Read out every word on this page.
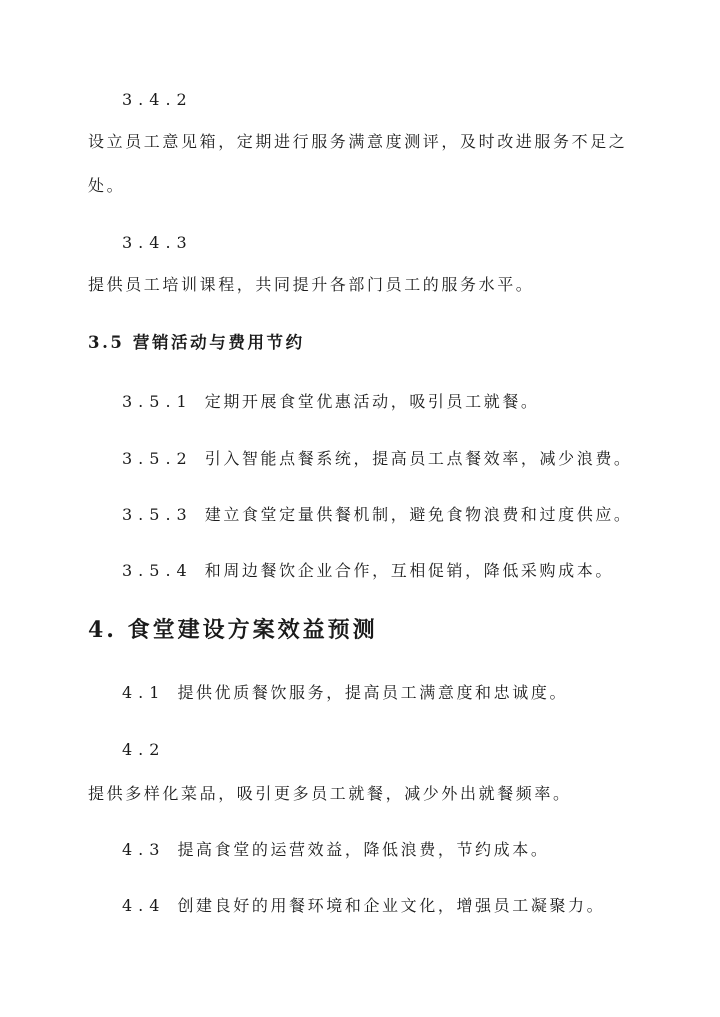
3.4.2
设立员工意见箱，定期进行服务满意度测评，及时改进服务不足之
处。
3.4.3
提供员工培训课程，共同提升各部门员工的服务水平。
3.5 营销活动与费用节约
3.5.1 定期开展食堂优惠活动，吸引员工就餐。
3.5.2 引入智能点餐系统，提高员工点餐效率，减少浪费。
3.5.3 建立食堂定量供餐机制，避免食物浪费和过度供应。
3.5.4 和周边餐饮企业合作，互相促销，降低采购成本。
4. 食堂建设方案效益预测
4.1 提供优质餐饮服务，提高员工满意度和忠诚度。
4.2
提供多样化菜品，吸引更多员工就餐，减少外出就餐频率。
4.3 提高食堂的运营效益，降低浪费，节约成本。
4.4 创建良好的用餐环境和企业文化，增强员工凝聚力。
